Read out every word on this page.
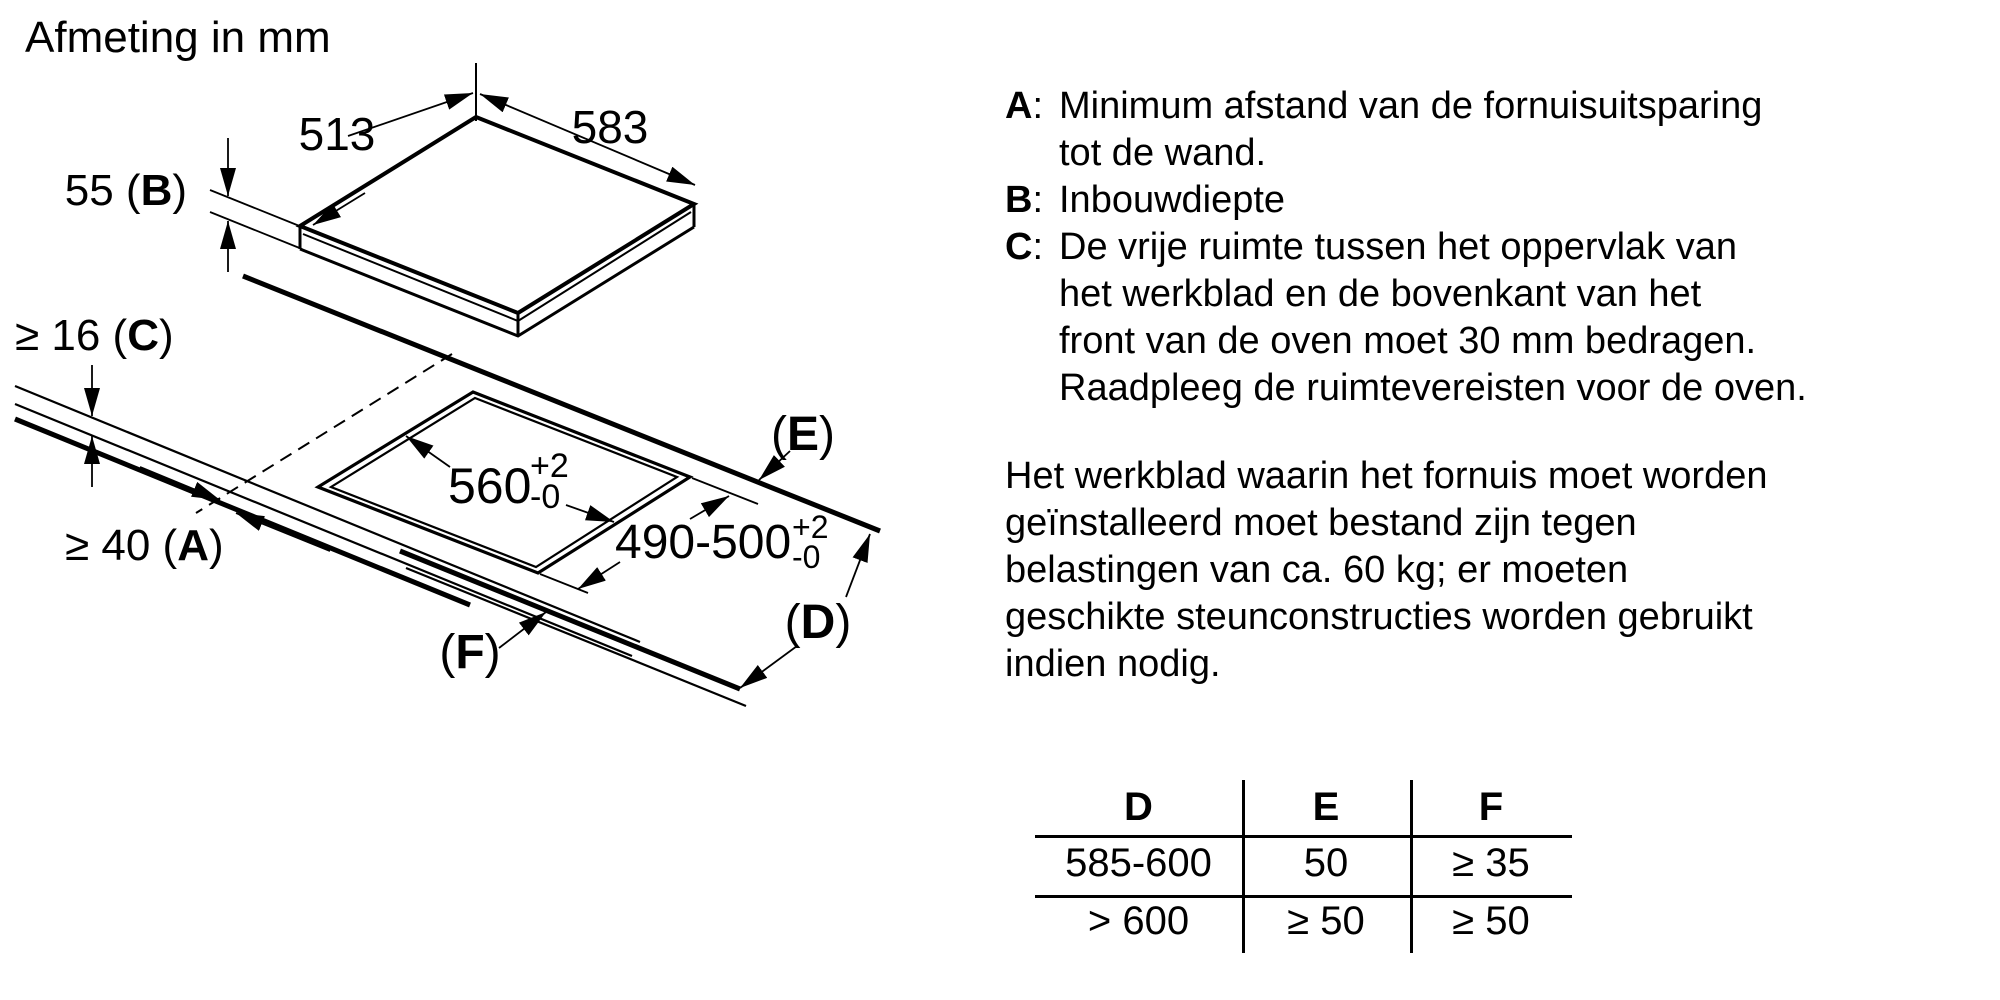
Afmeting in mm
513	583
55 (B)
≥ 16 (C)
≥ 40 (A)
560
+2
-0
490-500 +2
-0
(E)
(D)
(F)
A: Minimum afstand van de fornuisuitsparing
tot de wand.
B: Inbouwdiepte
C: De vrije ruimte tussen het oppervlak van
het werkblad en de bovenkant van het
front van de oven moet 30 mm bedragen.
Raadpleeg de ruimtevereisten voor de oven.
Het werkblad waarin het fornuis moet worden
geïnstalleerd moet bestand zijn tegen
belastingen van ca. 60 kg; er moeten
geschikte steunconstructies worden gebruikt
indien nodig.
D	E	F
585-600	50	≥ 35
> 600	≥ 50	≥ 50
